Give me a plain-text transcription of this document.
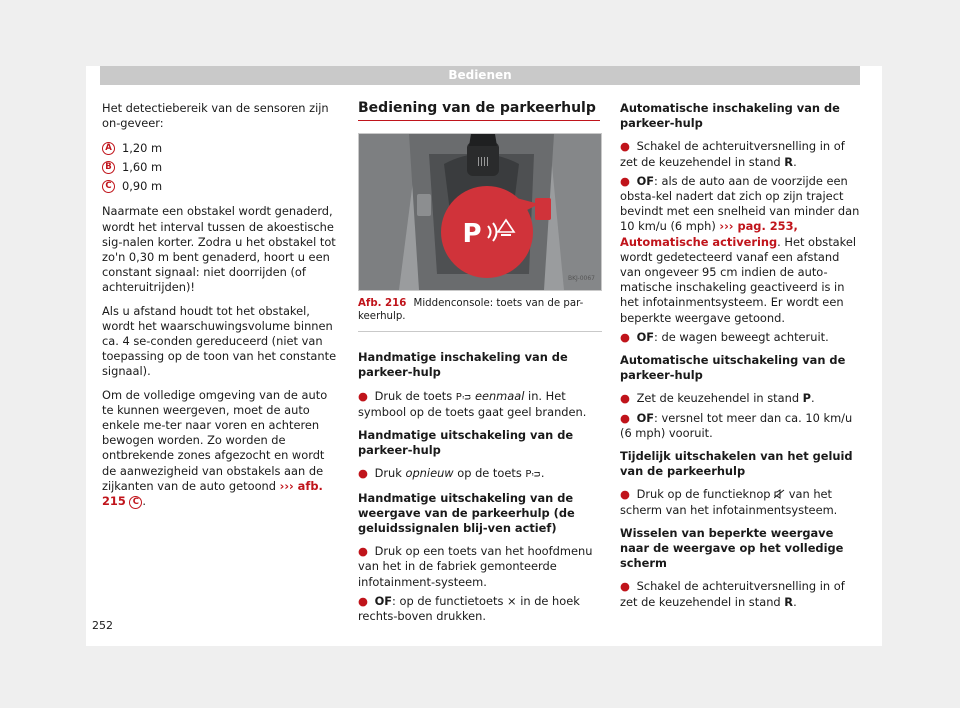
Bedienen

Het detectiebereik van de sensoren zijn on-geveer:

A 1,20 m
B 1,60 m
C 0,90 m

Naarmate een obstakel wordt genaderd, wordt het interval tussen de akoestische sig-nalen korter. Zodra u het obstakel tot zo'n 0,30 m bent genaderd, hoort u een constant signaal: niet doorrijden (of achteruitrijden)!

Als u afstand houdt tot het obstakel, wordt het waarschuwingsvolume binnen ca. 4 se-conden gereduceerd (niet van toepassing op de toon van het constante signaal).

Om de volledige omgeving van de auto te kunnen weergeven, moet de auto enkele me-ter naar voren en achteren bewogen worden. Zo worden de ontbrekende zones afgezocht en wordt de aanwezigheid van obstakels aan de zijkanten van de auto getoond ››› afb. 215 C .

Bediening van de parkeerhulp
||||
P
BKJ-0067
Afb. 216 Middenconsole: toets van de par-keerhulp.

Handmatige inschakeling van de parkeer-hulp

● Druk de toets Pᴞ eenmaal in. Het symbool op de toets gaat geel branden.

Handmatige uitschakeling van de parkeer-hulp

● Druk opnieuw op de toets Pᴞ.

Handmatige uitschakeling van de weergave van de parkeerhulp (de geluidssignalen blij-ven actief)

● Druk op een toets van het hoofdmenu van het in de fabriek gemonteerde infotainment-systeem.

● OF: op de functietoets × in de hoek rechts-boven drukken.

Automatische inschakeling van de parkeer-hulp

● Schakel de achteruitversnelling in of zet de keuzehendel in stand R.

● OF: als de auto aan de voorzijde een obsta-kel nadert dat zich op zijn traject bevindt met een snelheid van minder dan 10 km/u (6 mph) ››› pag. 253, Automatische activering. Het obstakel wordt gedetecteerd vanaf een afstand van ongeveer 95 cm indien de auto-matische inschakeling geactiveerd is in het infotainmentsysteem. Er wordt een beperkte weergave getoond.

● OF: de wagen beweegt achteruit.

Automatische uitschakeling van de parkeer-hulp

● Zet de keuzehendel in stand P.

● OF: versnel tot meer dan ca. 10 km/u (6 mph) vooruit.

Tijdelijk uitschakelen van het geluid van de parkeerhulp

● Druk op de functieknop van het scherm van het infotainmentsysteem.

Wisselen van beperkte weergave naar de weergave op het volledige scherm

● Schakel de achteruitversnelling in of zet de keuzehendel in stand R.

252
